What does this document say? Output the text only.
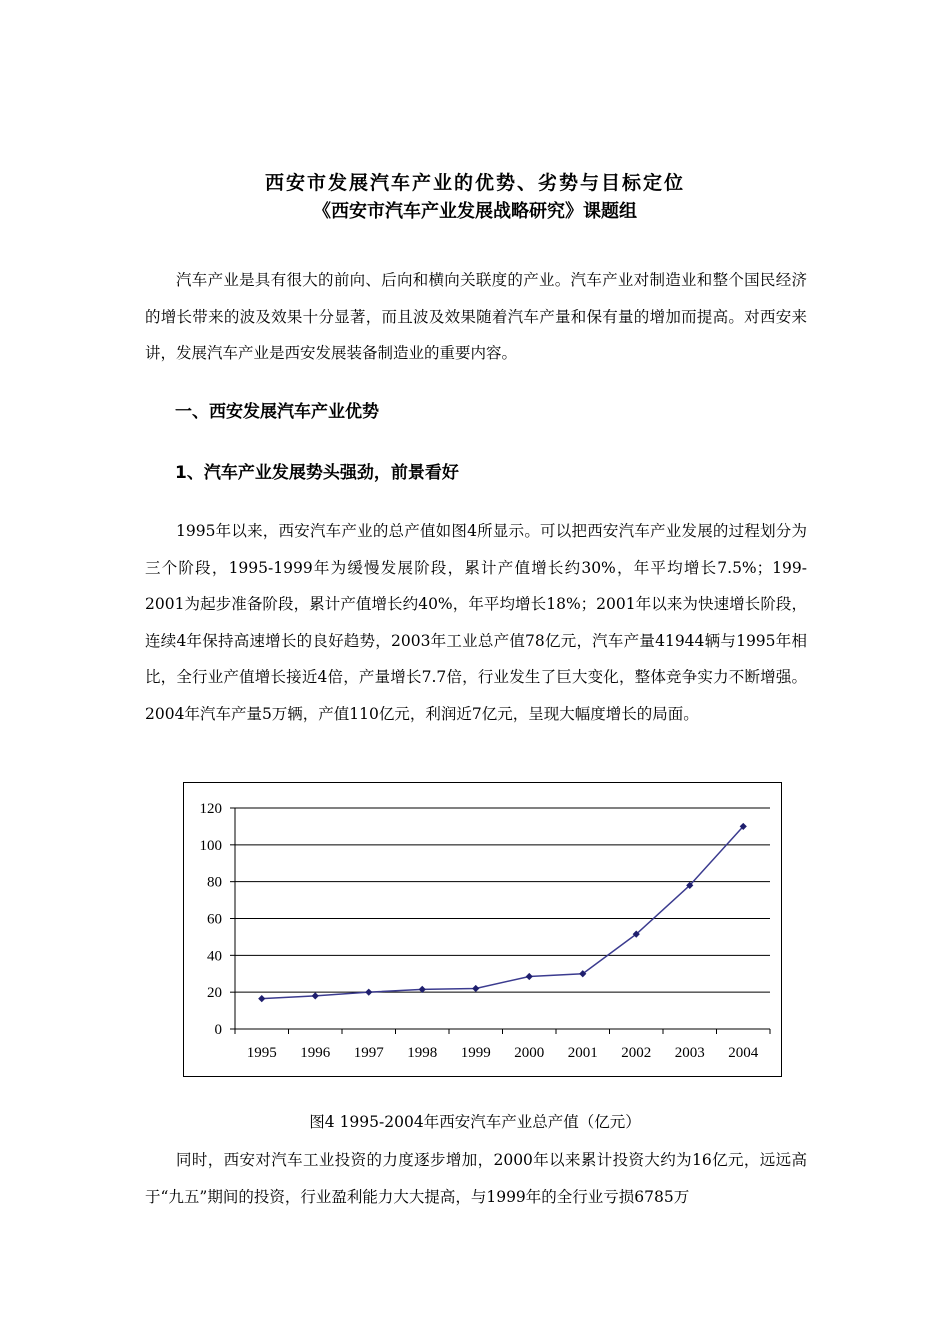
西安市发展汽车产业的优势、劣势与目标定位
《西安市汽车产业发展战略研究》课题组
汽车产业是具有很大的前向、后向和横向关联度的产业。汽车产业对制造业和整个国民经济的增长带来的波及效果十分显著，而且波及效果随着汽车产量和保有量的增加而提高。对西安来讲，发展汽车产业是西安发展装备制造业的重要内容。
一、西安发展汽车产业优势
1、汽车产业发展势头强劲，前景看好
1995年以来，西安汽车产业的总产值如图4所显示。可以把西安汽车产业发展的过程划分为三个阶段，1995-1999年为缓慢发展阶段，累计产值增长约30%，年平均增长7.5%；199-2001为起步准备阶段，累计产值增长约40%，年平均增长18%；2001年以来为快速增长阶段，连续4年保持高速增长的良好趋势，2003年工业总产值78亿元，汽车产量41944辆与1995年相比，全行业产值增长接近4倍，产量增长7.7倍，行业发生了巨大变化，整体竞争实力不断增强。2004年汽车产量5万辆，产值110亿元，利润近7亿元，呈现大幅度增长的局面。
0
20
40
60
80
100
120
1995 1996 1997 1998 1999 2000 2001 2002 2003 2004
图4 1995-2004年西安汽车产业总产值（亿元）
同时，西安对汽车工业投资的力度逐步增加，2000年以来累计投资大约为16亿元，远远高于“九五”期间的投资，行业盈利能力大大提高，与1999年的全行业亏损6785万
